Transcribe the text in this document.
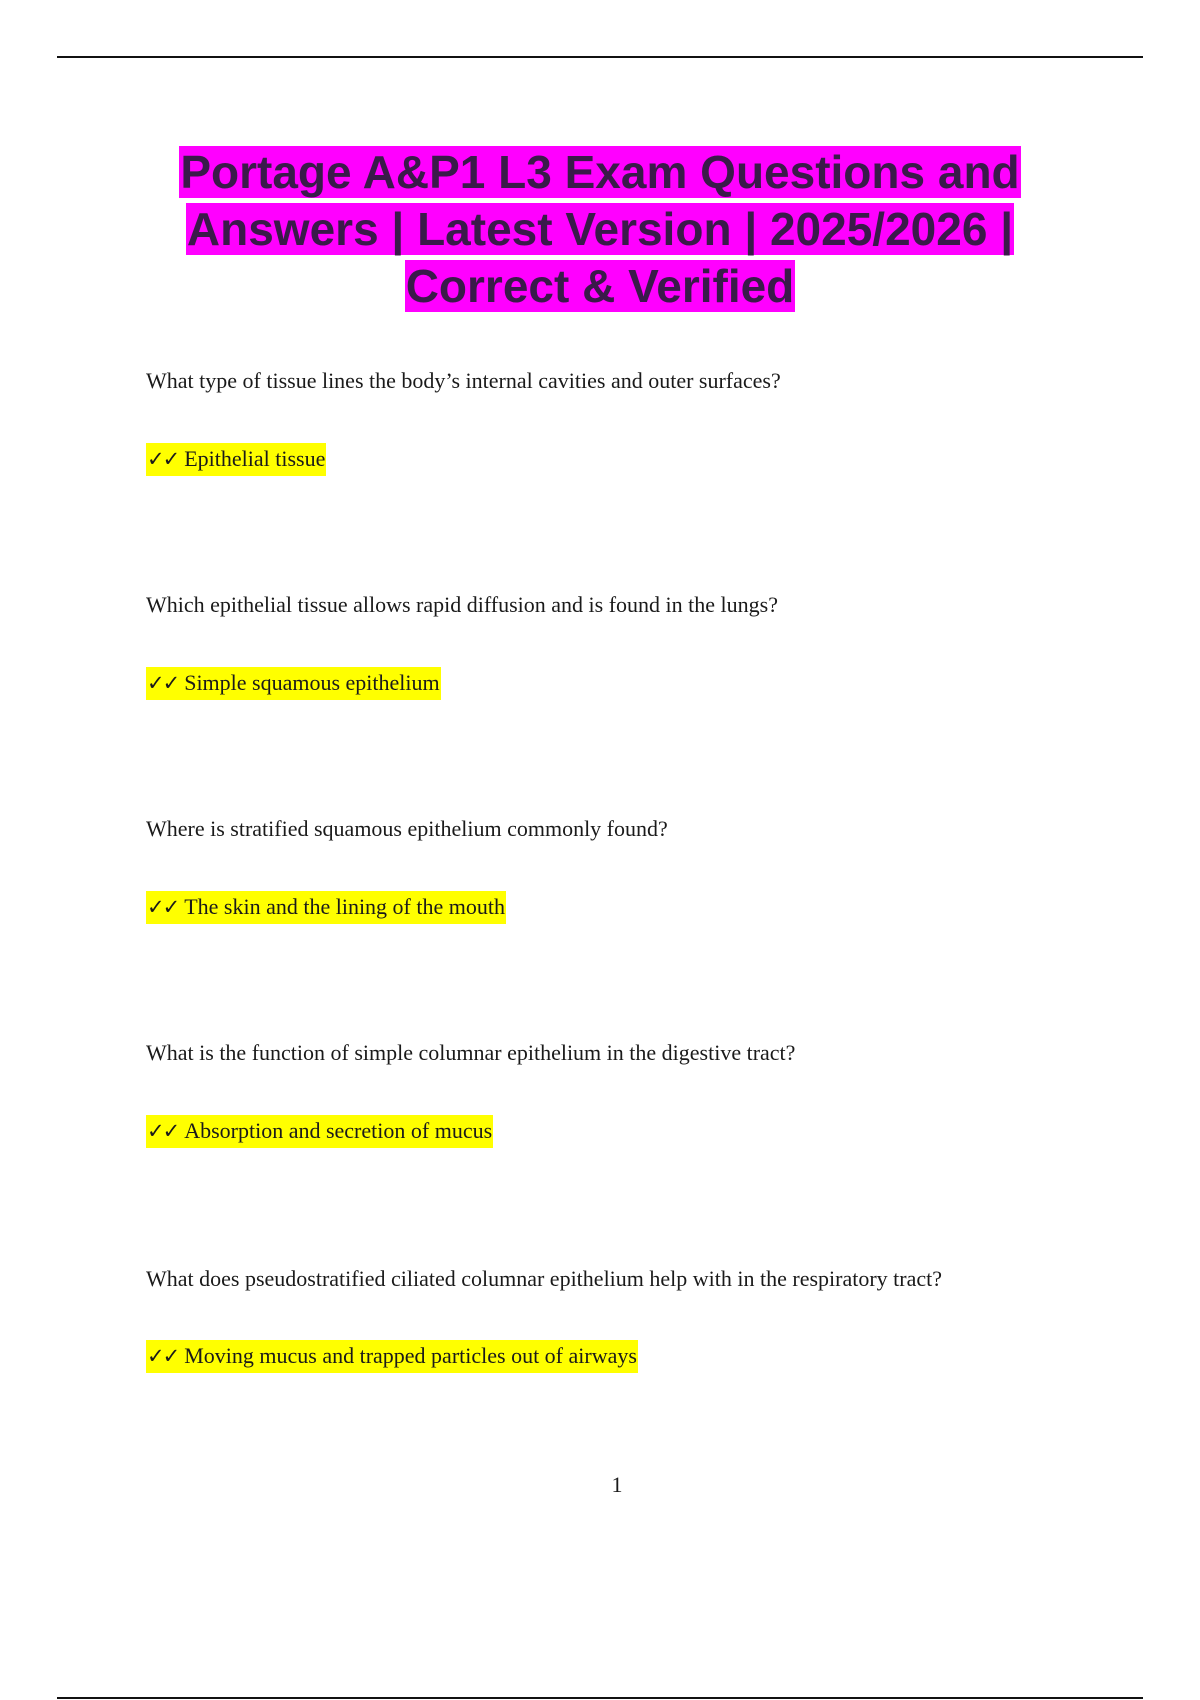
Portage A&P1 L3 Exam Questions and
Answers | Latest Version | 2025/2026 |
Correct & Verified
What type of tissue lines the body’s internal cavities and outer surfaces?
✓✓ Epithelial tissue
Which epithelial tissue allows rapid diffusion and is found in the lungs?
✓✓ Simple squamous epithelium
Where is stratified squamous epithelium commonly found?
✓✓ The skin and the lining of the mouth
What is the function of simple columnar epithelium in the digestive tract?
✓✓ Absorption and secretion of mucus
What does pseudostratified ciliated columnar epithelium help with in the respiratory tract?
✓✓ Moving mucus and trapped particles out of airways
1
